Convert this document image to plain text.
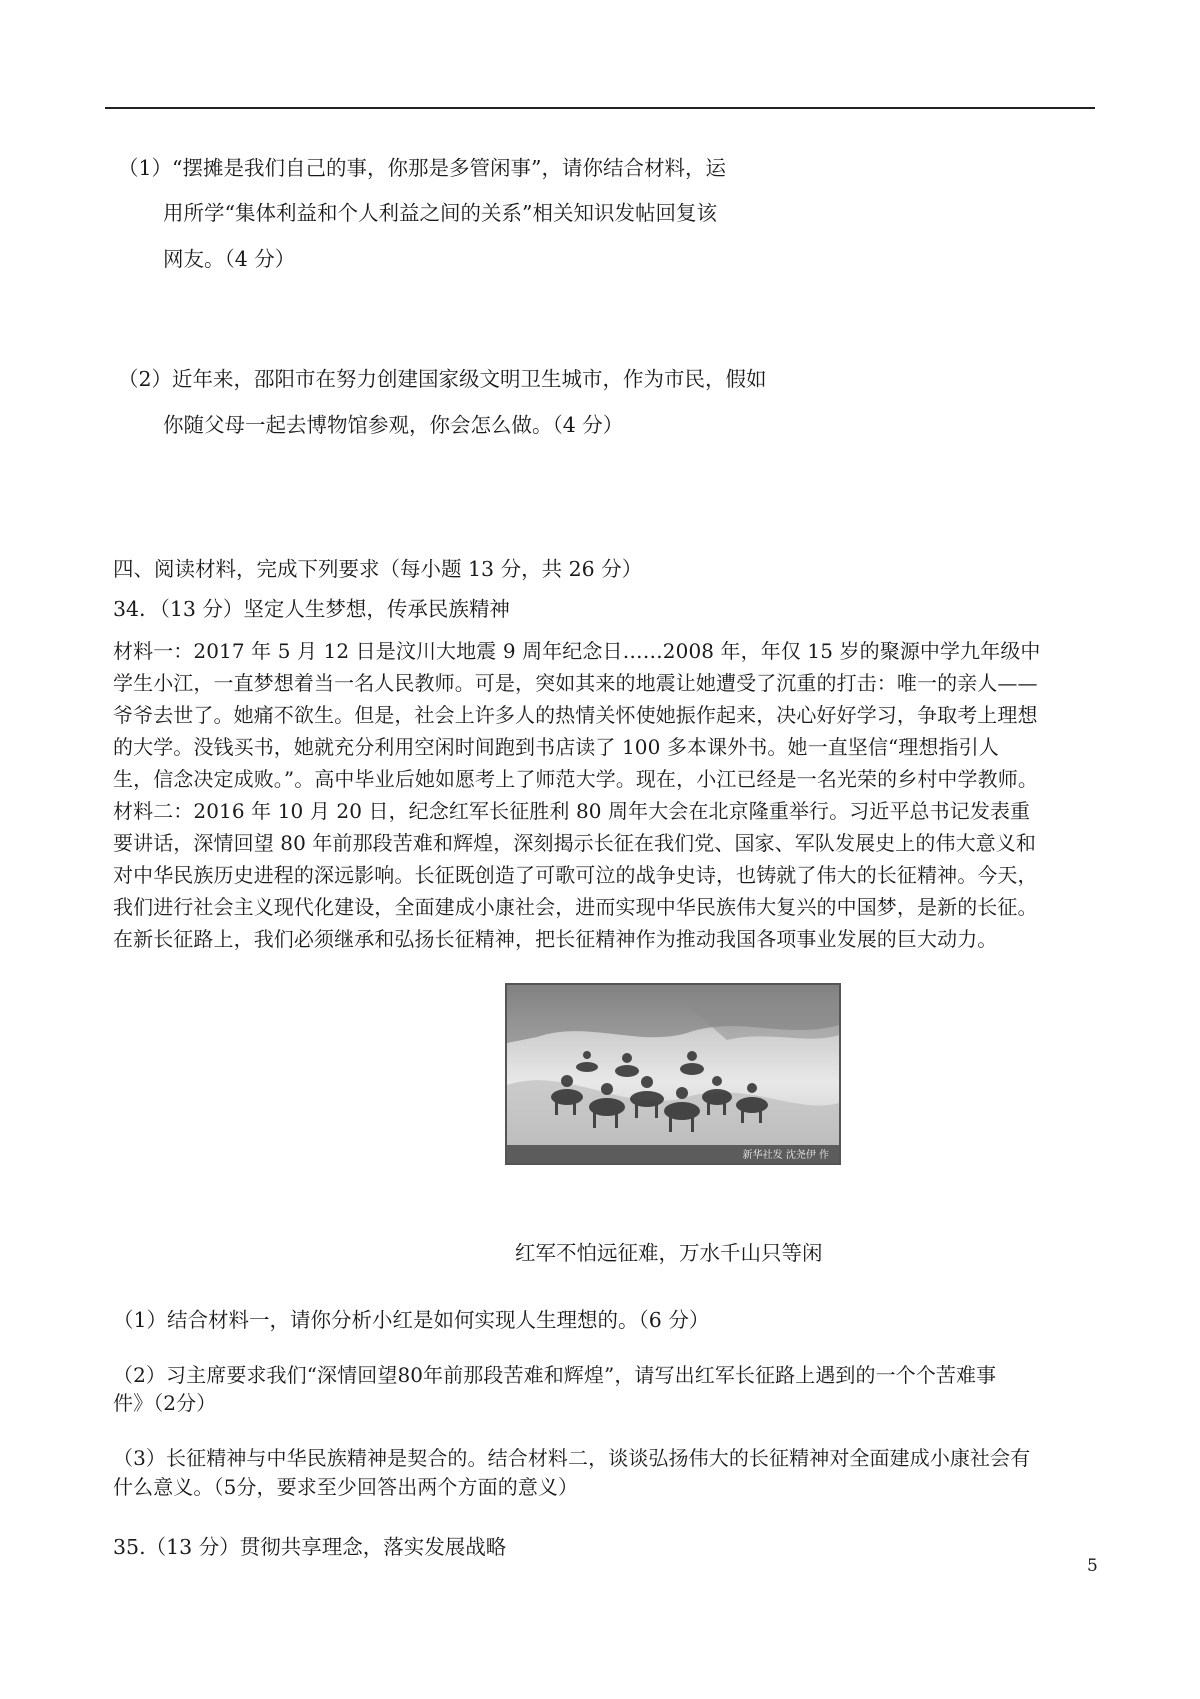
（1）“摆摊是我们自己的事，你那是多管闲事”，请你结合材料，运
用所学“集体利益和个人利益之间的关系”相关知识发帖回复该
网友。（4 分）
（2）近年来，邵阳市在努力创建国家级文明卫生城市，作为市民，假如
你随父母一起去博物馆参观，你会怎么做。（4 分）
四、阅读材料，完成下列要求（每小题 13 分，共 26 分）
34．（13 分）坚定人生梦想，传承民族精神
材料一：2017 年 5 月 12 日是汶川大地震 9 周年纪念日……2008 年，年仅 15 岁的聚源中学九年级中
学生小江，一直梦想着当一名人民教师。可是，突如其来的地震让她遭受了沉重的打击：唯一的亲人——
爷爷去世了。她痛不欲生。但是，社会上许多人的热情关怀使她振作起来，决心好好学习，争取考上理想
的大学。没钱买书，她就充分利用空闲时间跑到书店读了 100 多本课外书。她一直坚信“理想指引人
生，信念决定成败。”。高中毕业后她如愿考上了师范大学。现在，小江已经是一名光荣的乡村中学教师。
材料二：2016 年 10 月 20 日，纪念红军长征胜利 80 周年大会在北京隆重举行。习近平总书记发表重
要讲话，深情回望 80 年前那段苦难和辉煌，深刻揭示长征在我们党、国家、军队发展史上的伟大意义和
对中华民族历史进程的深远影响。长征既创造了可歌可泣的战争史诗，也铸就了伟大的长征精神。今天，
我们进行社会主义现代化建设，全面建成小康社会，进而实现中华民族伟大复兴的中国梦，是新的长征。
在新长征路上，我们必须继承和弘扬长征精神，把长征精神作为推动我国各项事业发展的巨大动力。
新华社发 沈尧伊 作
红军不怕远征难，万水千山只等闲
（1）结合材料一，请你分析小红是如何实现人生理想的。（6 分）
（2）习主席要求我们“深情回望80年前那段苦难和辉煌”，请写出红军长征路上遇到的一个个苦难事
件》（2分）
（3）长征精神与中华民族精神是契合的。结合材料二，谈谈弘扬伟大的长征精神对全面建成小康社会有
什么意义。（5分，要求至少回答出两个方面的意义）
35.（13 分）贯彻共享理念，落实发展战略
5
